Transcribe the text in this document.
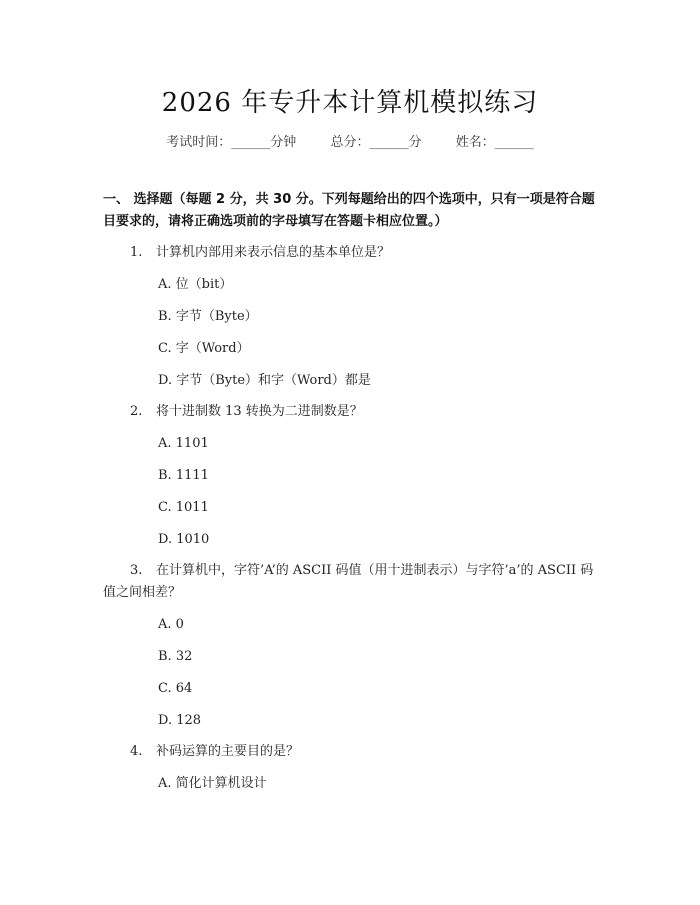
2026 年专升本计算机模拟练习
考试时间：______分钟	总分：______分	姓名：______
一、 选择题（每题 2 分，共 30 分。下列每题给出的四个选项中，只有一项是符合题目要求的，请将正确选项前的字母填写在答题卡相应位置。）
1. 计算机内部用来表示信息的基本单位是？
A. 位（bit）
B. 字节（Byte）
C. 字（Word）
D. 字节（Byte）和字（Word）都是
2. 将十进制数 13 转换为二进制数是？
A. 1101
B. 1111
C. 1011
D. 1010
3. 在计算机中，字符’A’的 ASCII 码值（用十进制表示）与字符’a’的 ASCII 码值之间相差？
A. 0
B. 32
C. 64
D. 128
4. 补码运算的主要目的是？
A. 简化计算机设计
